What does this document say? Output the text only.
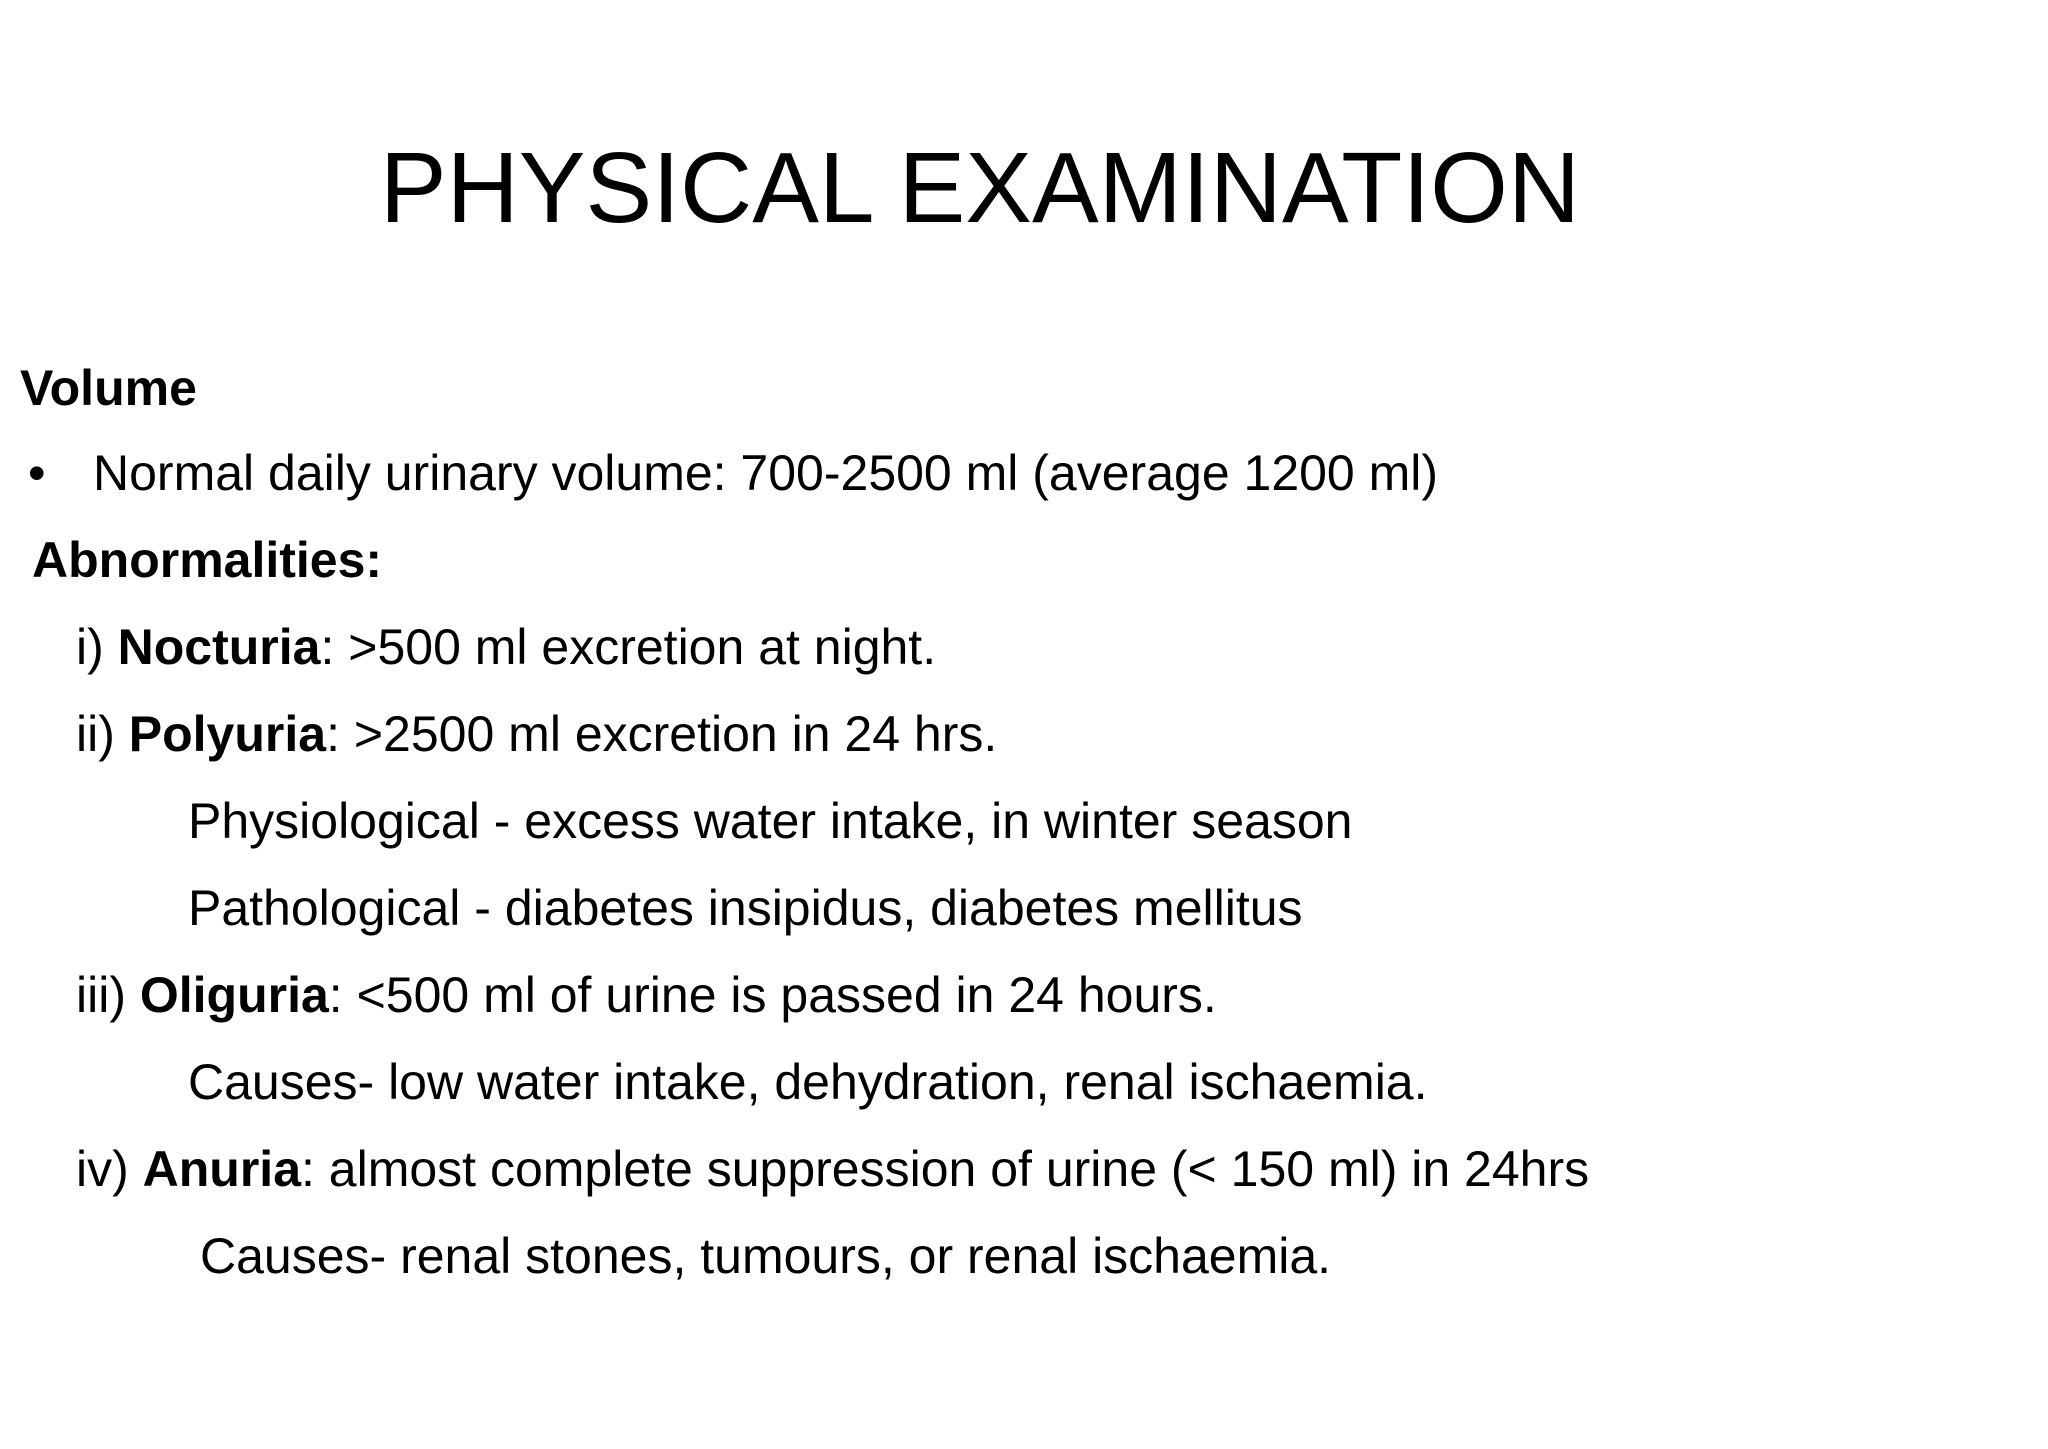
PHYSICAL EXAMINATION
Volume
• Normal daily urinary volume: 700-2500 ml (average 1200 ml)
Abnormalities:
i) Nocturia: >500 ml excretion at night.
ii) Polyuria: >2500 ml excretion in 24 hrs.
Physiological - excess water intake, in winter season
Pathological - diabetes insipidus, diabetes mellitus
iii) Oliguria: <500 ml of urine is passed in 24 hours.
Causes- low water intake, dehydration, renal ischaemia.
iv) Anuria: almost complete suppression of urine (< 150 ml) in 24hrs
Causes- renal stones, tumours, or renal ischaemia.
